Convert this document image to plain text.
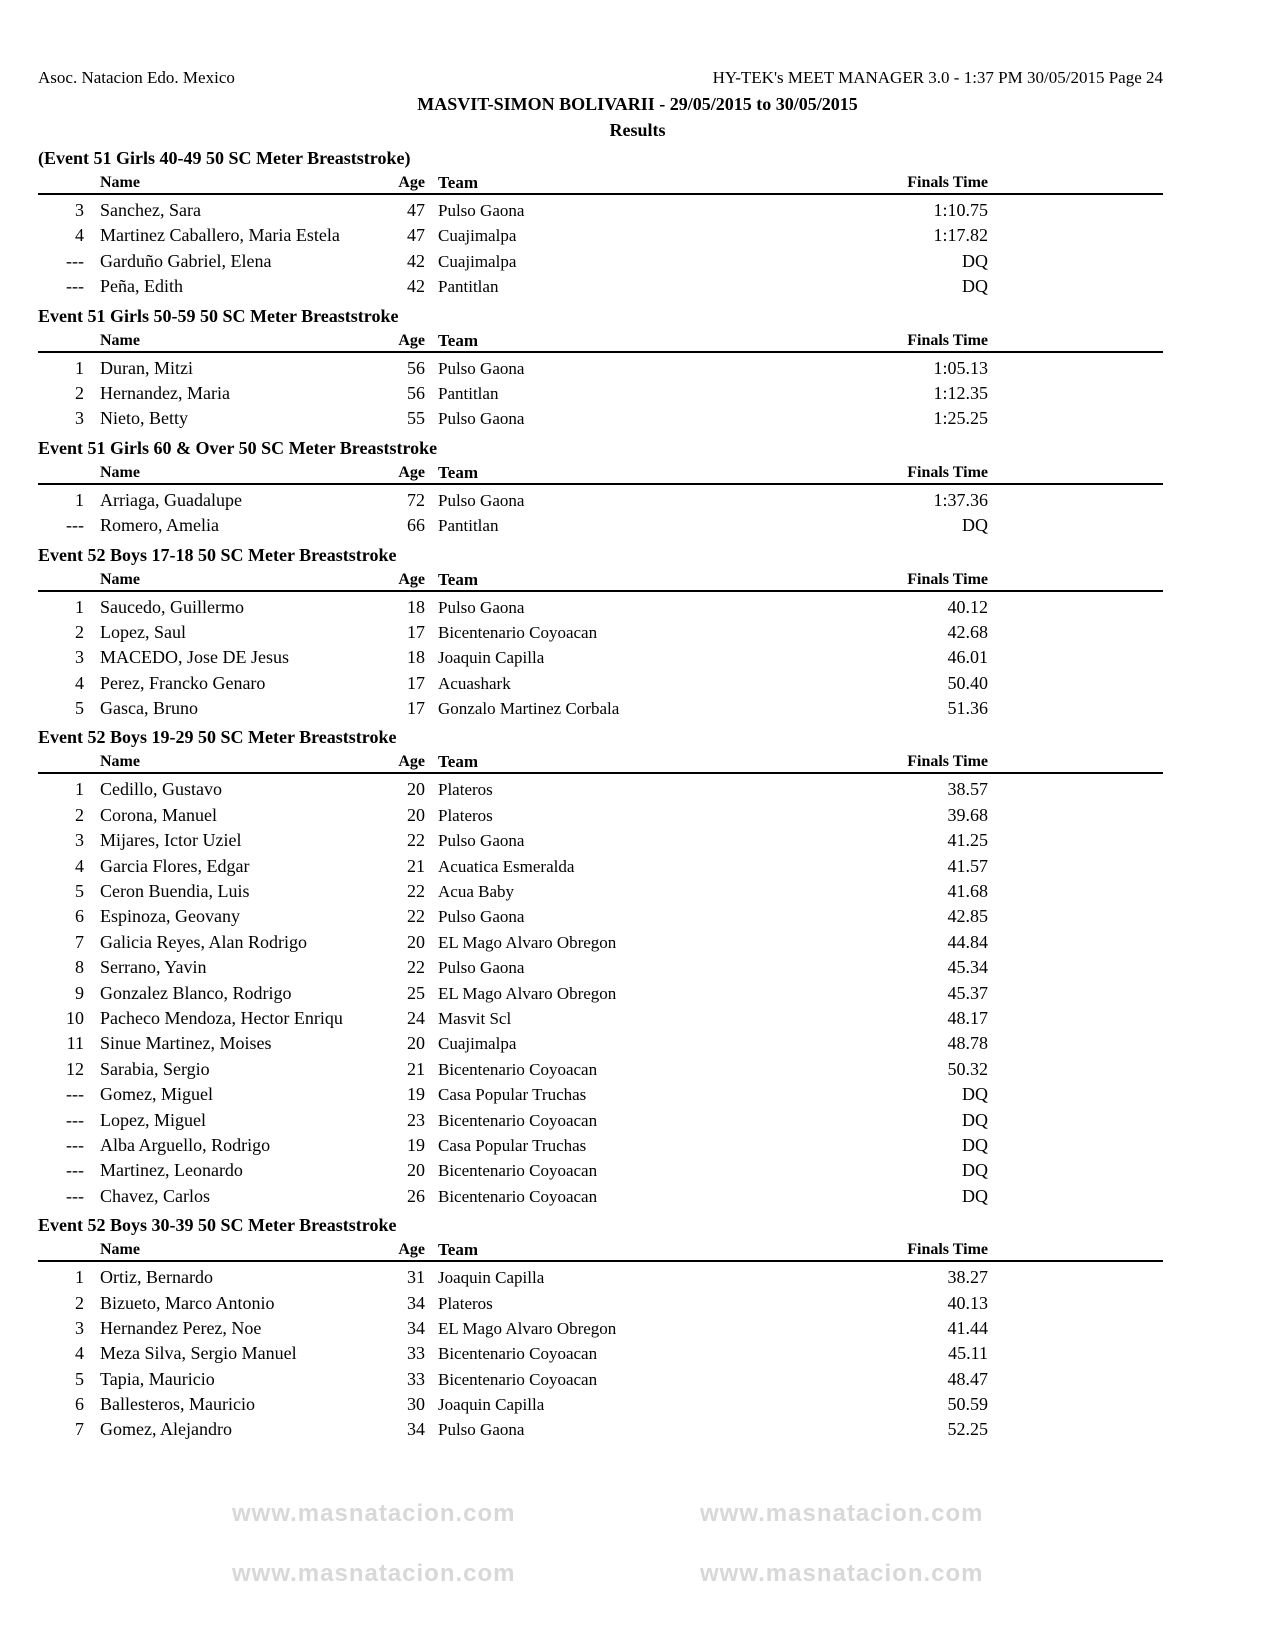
Asoc. Natacion Edo. Mexico	HY-TEK's MEET MANAGER 3.0 - 1:37 PM 30/05/2015 Page 24
MASVIT-SIMON BOLIVARII - 29/05/2015 to 30/05/2015
Results
(Event 51 Girls 40-49 50 SC Meter Breaststroke)
Name	Age Team	Finals Time
3 Sanchez, Sara	47 Pulso Gaona	1:10.75
4 Martinez Caballero, Maria Estela	47 Cuajimalpa	1:17.82
--- Garduño Gabriel, Elena	42 Cuajimalpa	DQ
--- Peña, Edith	42 Pantitlan	DQ
Event 51 Girls 50-59 50 SC Meter Breaststroke
Name	Age Team	Finals Time
1 Duran, Mitzi	56 Pulso Gaona	1:05.13
2 Hernandez, Maria	56 Pantitlan	1:12.35
3 Nieto, Betty	55 Pulso Gaona	1:25.25
Event 51 Girls 60 & Over 50 SC Meter Breaststroke
Name	Age Team	Finals Time
1 Arriaga, Guadalupe	72 Pulso Gaona	1:37.36
--- Romero, Amelia	66 Pantitlan	DQ
Event 52 Boys 17-18 50 SC Meter Breaststroke
Name	Age Team	Finals Time
1 Saucedo, Guillermo	18 Pulso Gaona	40.12
2 Lopez, Saul	17 Bicentenario Coyoacan	42.68
3 MACEDO, Jose DE Jesus	18 Joaquin Capilla	46.01
4 Perez, Francko Genaro	17 Acuashark	50.40
5 Gasca, Bruno	17 Gonzalo Martinez Corbala	51.36
Event 52 Boys 19-29 50 SC Meter Breaststroke
Name	Age Team	Finals Time
1 Cedillo, Gustavo	20 Plateros	38.57
2 Corona, Manuel	20 Plateros	39.68
3 Mijares, Ictor Uziel	22 Pulso Gaona	41.25
4 Garcia Flores, Edgar	21 Acuatica Esmeralda	41.57
5 Ceron Buendia, Luis	22 Acua Baby	41.68
6 Espinoza, Geovany	22 Pulso Gaona	42.85
7 Galicia Reyes, Alan Rodrigo	20 EL Mago Alvaro Obregon	44.84
8 Serrano, Yavin	22 Pulso Gaona	45.34
9 Gonzalez Blanco, Rodrigo	25 EL Mago Alvaro Obregon	45.37
10 Pacheco Mendoza, Hector Enriqu	24 Masvit Scl	48.17
11 Sinue Martinez, Moises	20 Cuajimalpa	48.78
12 Sarabia, Sergio	21 Bicentenario Coyoacan	50.32
--- Gomez, Miguel	19 Casa Popular Truchas	DQ
--- Lopez, Miguel	23 Bicentenario Coyoacan	DQ
--- Alba Arguello, Rodrigo	19 Casa Popular Truchas	DQ
--- Martinez, Leonardo	20 Bicentenario Coyoacan	DQ
--- Chavez, Carlos	26 Bicentenario Coyoacan	DQ
Event 52 Boys 30-39 50 SC Meter Breaststroke
Name	Age Team	Finals Time
1 Ortiz, Bernardo	31 Joaquin Capilla	38.27
2 Bizueto, Marco Antonio	34 Plateros	40.13
3 Hernandez Perez, Noe	34 EL Mago Alvaro Obregon	41.44
4 Meza Silva, Sergio Manuel	33 Bicentenario Coyoacan	45.11
5 Tapia, Mauricio	33 Bicentenario Coyoacan	48.47
6 Ballesteros, Mauricio	30 Joaquin Capilla	50.59
7 Gomez, Alejandro	34 Pulso Gaona	52.25
www.masnatacion.com	www.masnatacion.com
www.masnatacion.com	www.masnatacion.com
